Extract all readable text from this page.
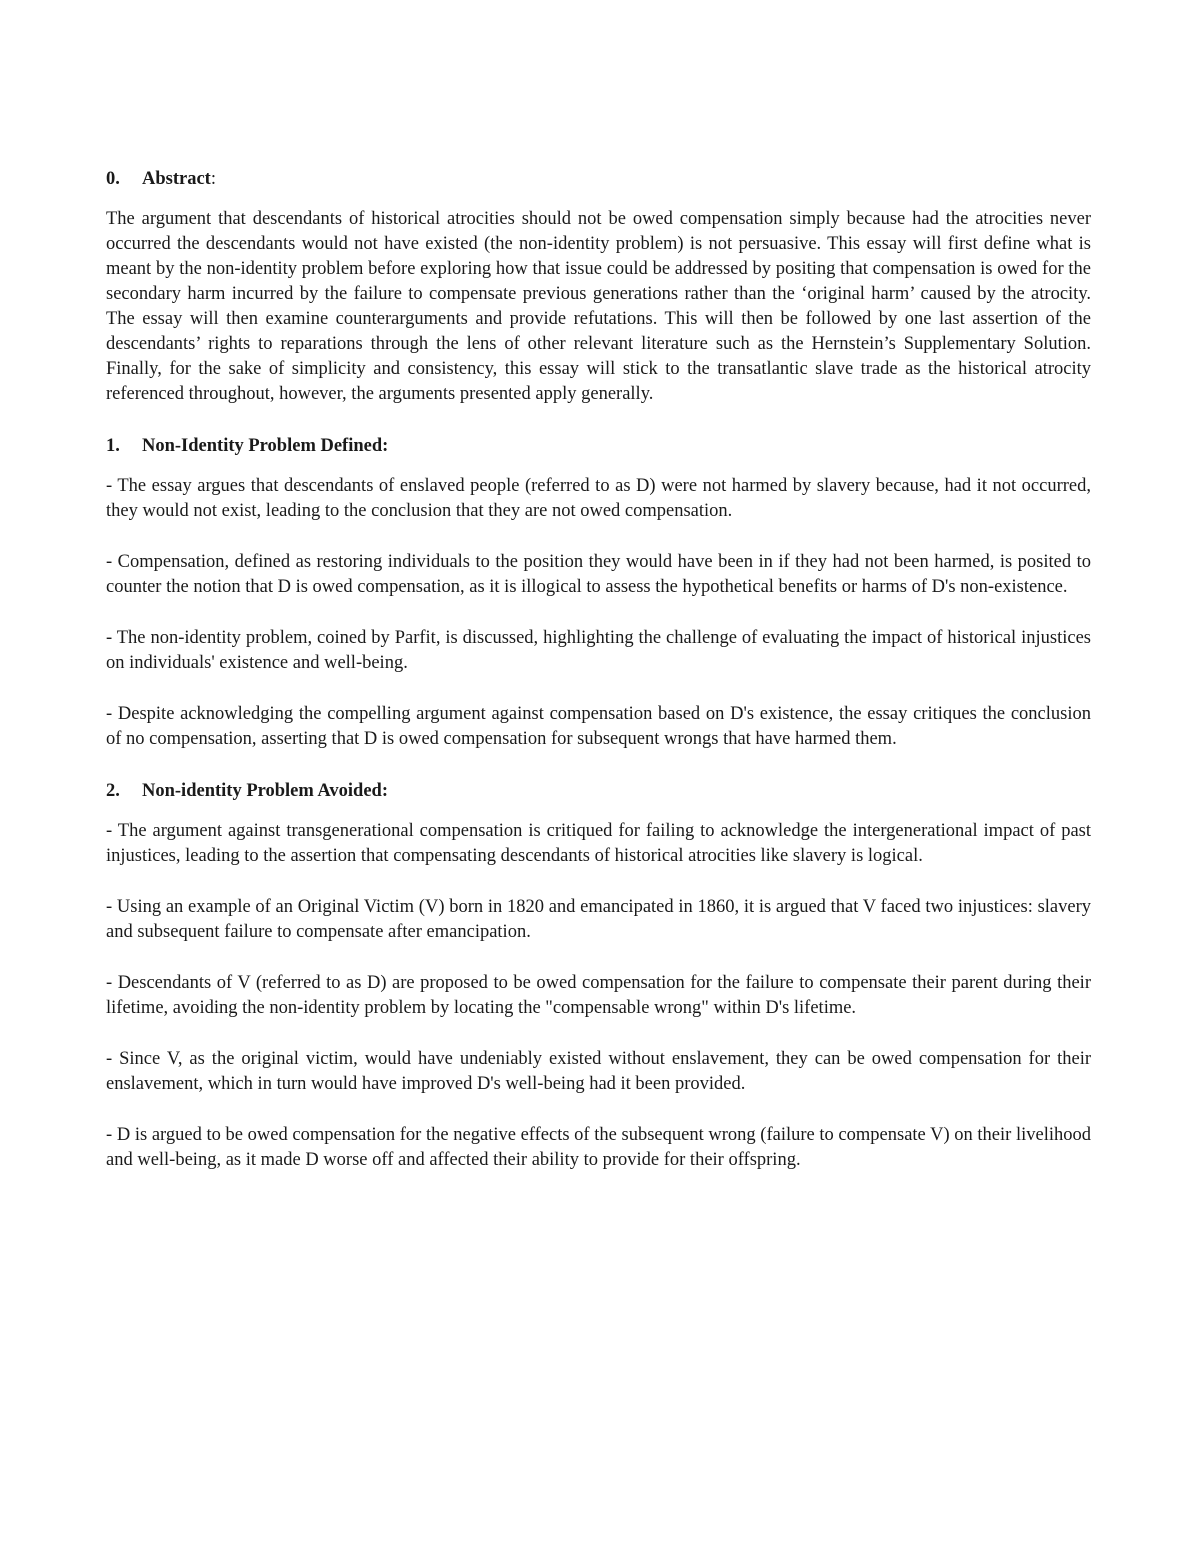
0.	Abstract :

The argument that descendants of historical atrocities should not be owed compensation simply because had the atrocities never occurred the descendants would not have existed (the non-identity problem) is not persuasive. This essay will first define what is meant by the non-identity problem before exploring how that issue could be addressed by positing that compensation is owed for the secondary harm incurred by the failure to compensate previous generations rather than the ‘original harm’ caused by the atrocity. The essay will then examine counterarguments and provide refutations. This will then be followed by one last assertion of the descendants’ rights to reparations through the lens of other relevant literature such as the Hernstein’s Supplementary Solution. Finally, for the sake of simplicity and consistency, this essay will stick to the transatlantic slave trade as the historical atrocity referenced throughout, however, the arguments presented apply generally.

1.	Non-Identity Problem Defined :

- The essay argues that descendants of enslaved people (referred to as D) were not harmed by slavery because, had it not occurred, they would not exist, leading to the conclusion that they are not owed compensation.

- Compensation, defined as restoring individuals to the position they would have been in if they had not been harmed, is posited to counter the notion that D is owed compensation, as it is illogical to assess the hypothetical benefits or harms of D's non-existence.

- The non-identity problem, coined by Parfit, is discussed, highlighting the challenge of evaluating the impact of historical injustices on individuals' existence and well-being.

- Despite acknowledging the compelling argument against compensation based on D's existence, the essay critiques the conclusion of no compensation, asserting that D is owed compensation for subsequent wrongs that have harmed them.

2.	Non-identity Problem Avoided :

- The argument against transgenerational compensation is critiqued for failing to acknowledge the intergenerational impact of past injustices, leading to the assertion that compensating descendants of historical atrocities like slavery is logical.

- Using an example of an Original Victim (V) born in 1820 and emancipated in 1860, it is argued that V faced two injustices: slavery and subsequent failure to compensate after emancipation.

- Descendants of V (referred to as D) are proposed to be owed compensation for the failure to compensate their parent during their lifetime, avoiding the non-identity problem by locating the "compensable wrong" within D's lifetime.

- Since V, as the original victim, would have undeniably existed without enslavement, they can be owed compensation for their enslavement, which in turn would have improved D's well-being had it been provided.

- D is argued to be owed compensation for the negative effects of the subsequent wrong (failure to compensate V) on their livelihood and well-being, as it made D worse off and affected their ability to provide for their offspring.
